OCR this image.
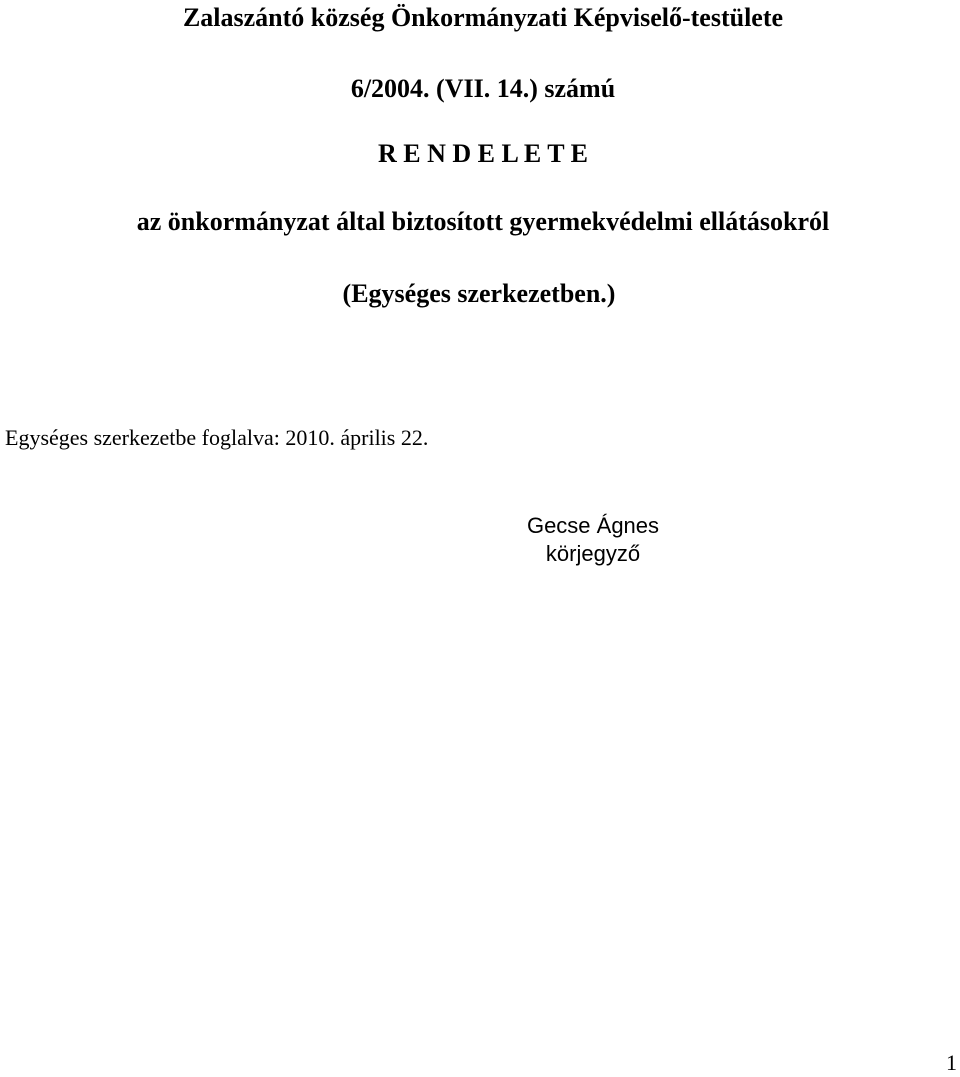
Zalaszántó község Önkormányzati Képviselő-testülete
6/2004. (VII. 14.) számú
R E N D E L E T E
az önkormányzat által biztosított gyermekvédelmi ellátásokról
(Egységes szerkezetben.)
Egységes szerkezetbe foglalva: 2010. április 22.
Gecse Ágnes
körjegyző
1
